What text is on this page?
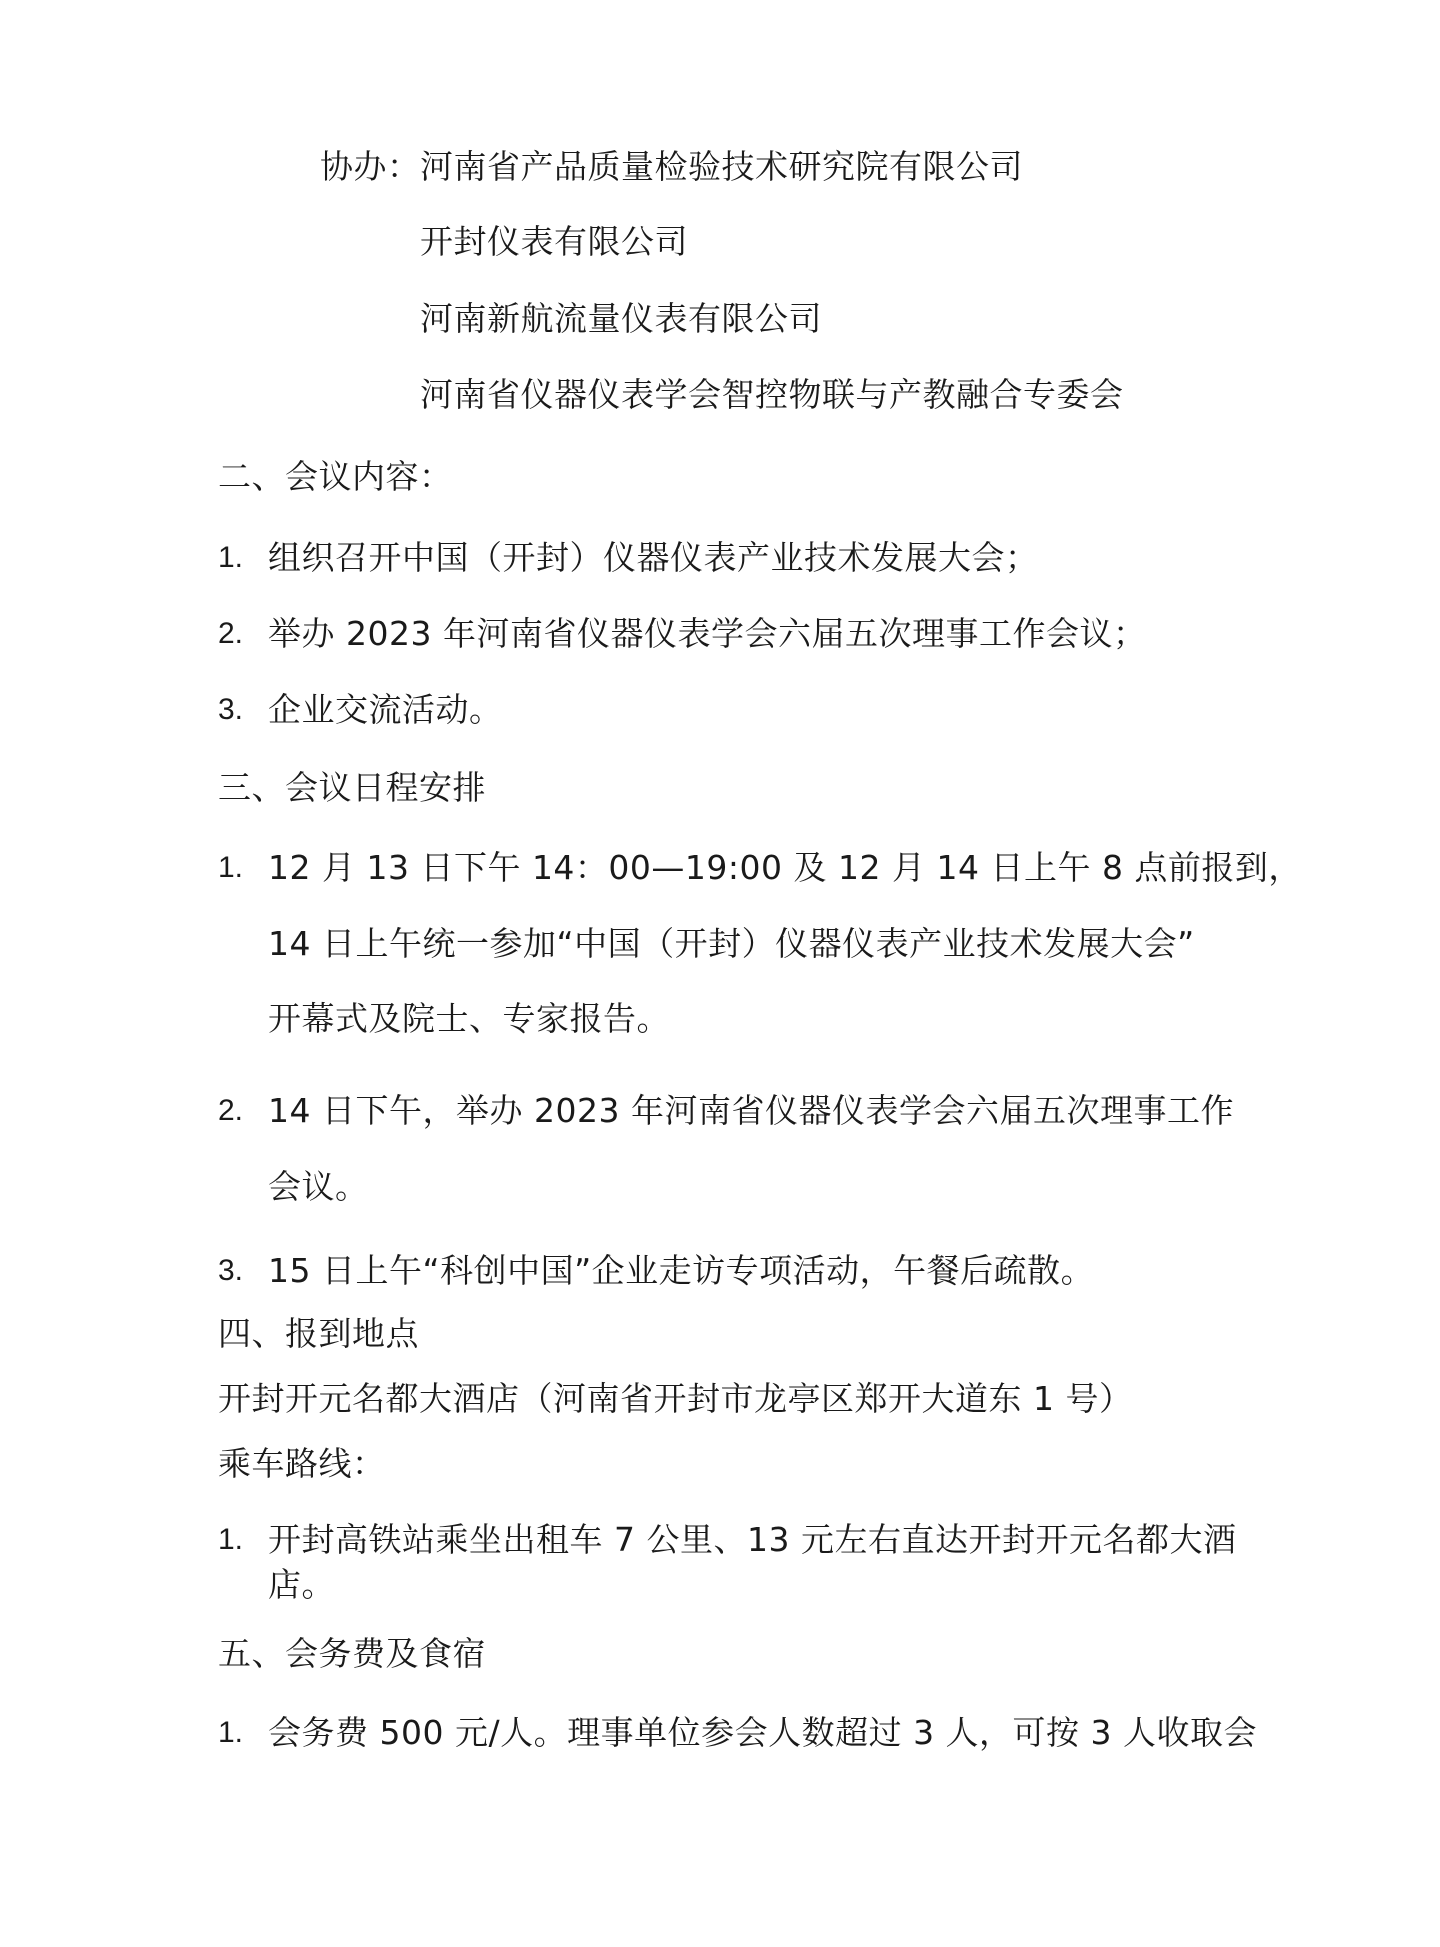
协办： 河南省产品质量检验技术研究院有限公司
开封仪表有限公司
河南新航流量仪表有限公司
河南省仪器仪表学会智控物联与产教融合专委会
二、会议内容：
1. 组织召开中国（开封）仪器仪表产业技术发展大会；
2. 举办 2023 年河南省仪器仪表学会六届五次理事工作会议；
3. 企业交流活动。
三、会议日程安排
1. 12 月 13 日下午 14：00—19:00 及 12 月 14 日上午 8 点前报到，
14 日上午统一参加“中国（开封）仪器仪表产业技术发展大会”
开幕式及院士、专家报告。
2. 14 日下午，举办 2023 年河南省仪器仪表学会六届五次理事工作
会议。
3. 15 日上午“科创中国”企业走访专项活动，午餐后疏散。
四、报到地点
开封开元名都大酒店（河南省开封市龙亭区郑开大道东 1 号）
乘车路线：
1. 开封高铁站乘坐出租车 7 公里、13 元左右直达开封开元名都大酒
店。
五、会务费及食宿
1. 会务费 500 元/人。理事单位参会人数超过 3 人，可按 3 人收取会
